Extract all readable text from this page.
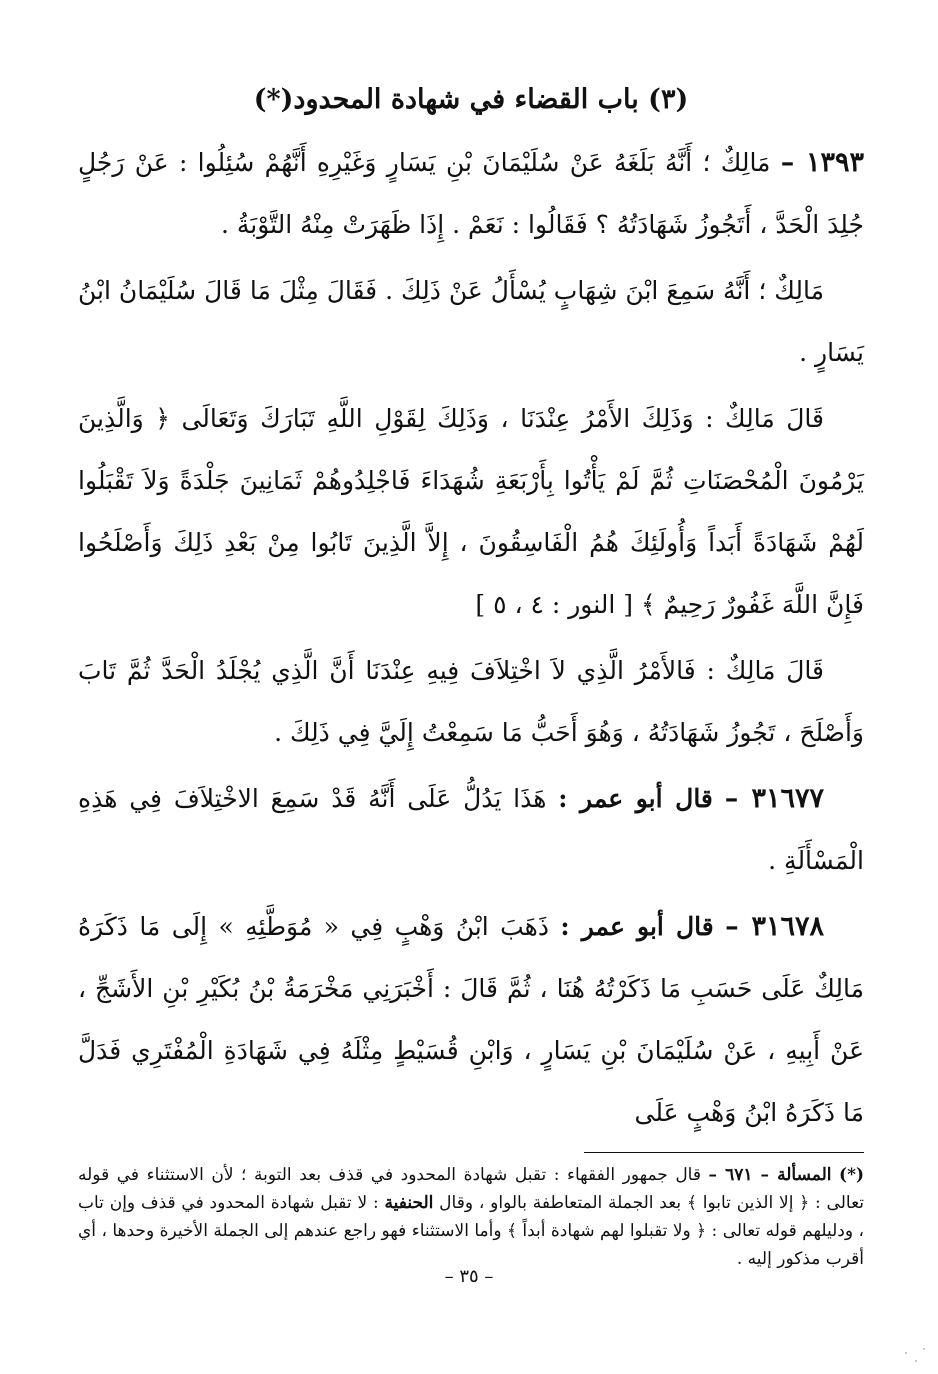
(٣) باب القضاء في شهادة المحدود(*)

١٣٩٣ – مَالِكٌ ؛ أَنَّهُ بَلَغَهُ عَنْ سُلَيْمَانَ بْنِ يَسَارٍ وَغَيْرِهِ أَنَّهُمْ سُئِلُوا : عَنْ رَجُلٍ جُلِدَ الْحَدَّ ، أَتَجُوزُ شَهَادَتُهُ ؟ فَقَالُوا : نَعَمْ . إِذَا ظَهَرَتْ مِنْهُ التَّوْبَةُ .

مَالِكٌ ؛ أَنَّهُ سَمِعَ ابْنَ شِهَابٍ يُسْأَلُ عَنْ ذَلِكَ . فَقَالَ مِثْلَ مَا قَالَ سُلَيْمَانُ ابْنُ يَسَارٍ .

قَالَ مَالِكٌ : وَذَلِكَ الأَمْرُ عِنْدَنَا ، وَذَلِكَ لِقَوْلِ اللَّهِ تَبَارَكَ وَتَعَالَى ﴿ وَالَّذِينَ يَرْمُونَ الْمُحْصَنَاتِ ثُمَّ لَمْ يَأْتُوا بِأَرْبَعَةِ شُهَدَاءَ فَاجْلِدُوهُمْ ثَمَانِينَ جَلْدَةً وَلاَ تَقْبَلُوا لَهُمْ شَهَادَةً أَبَداً وَأُولَئِكَ هُمُ الْفَاسِقُونَ ، إِلاَّ الَّذِينَ تَابُوا مِنْ بَعْدِ ذَلِكَ وَأَصْلَحُوا فَإِنَّ اللَّهَ غَفُورٌ رَحِيمٌ ﴾ [ النور : ٤ ، ٥ ]

قَالَ مَالِكٌ : فَالأَمْرُ الَّذِي لاَ اخْتِلاَفَ فِيهِ عِنْدَنَا أَنَّ الَّذِي يُجْلَدُ الْحَدَّ ثُمَّ تَابَ وَأَصْلَحَ ، تَجُوزُ شَهَادَتُهُ ، وَهُوَ أَحَبُّ مَا سَمِعْتُ إِلَيَّ فِي ذَلِكَ .

٣١٦٧٧ – قال أبو عمر : هَذَا يَدُلُّ عَلَى أَنَّهُ قَدْ سَمِعَ الاخْتِلاَفَ فِي هَذِهِ الْمَسْأَلَةِ .

٣١٦٧٨ – قال أبو عمر : ذَهَبَ ابْنُ وَهْبٍ فِي « مُوَطَّئِهِ » إِلَى مَا ذَكَرَهُ مَالِكٌ عَلَى حَسَبِ مَا ذَكَرْتُهُ هُنَا ، ثُمَّ قَالَ : أَخْبَرَنِي مَخْرَمَةُ بْنُ بُكَيْرِ بْنِ الأَشَجِّ ، عَنْ أَبِيهِ ، عَنْ سُلَيْمَانَ بْنِ يَسَارٍ ، وَابْنِ قُسَيْطٍ مِثْلَهُ فِي شَهَادَةِ الْمُفْتَرِي فَدَلَّ مَا ذَكَرَهُ ابْنُ وَهْبٍ عَلَى

(*) المسألة – ٦٧١ – قال جمهور الفقهاء : تقبل شهادة المحدود في قذف بعد التوبة ؛ لأن الاستثناء في قوله تعالى : ﴿ إلا الذين تابوا ﴾ بعد الجملة المتعاطفة بالواو ، وقال الحنفية : لا تقبل شهادة المحدود في قذف وإن تاب ، ودليلهم قوله تعالى : ﴿ ولا تقبلوا لهم شهادة أبداً ﴾ وأما الاستثناء فهو راجع عندهم إلى الجملة الأخيرة وحدها ، أي أقرب مذكور إليه .

– ٣٥ –
